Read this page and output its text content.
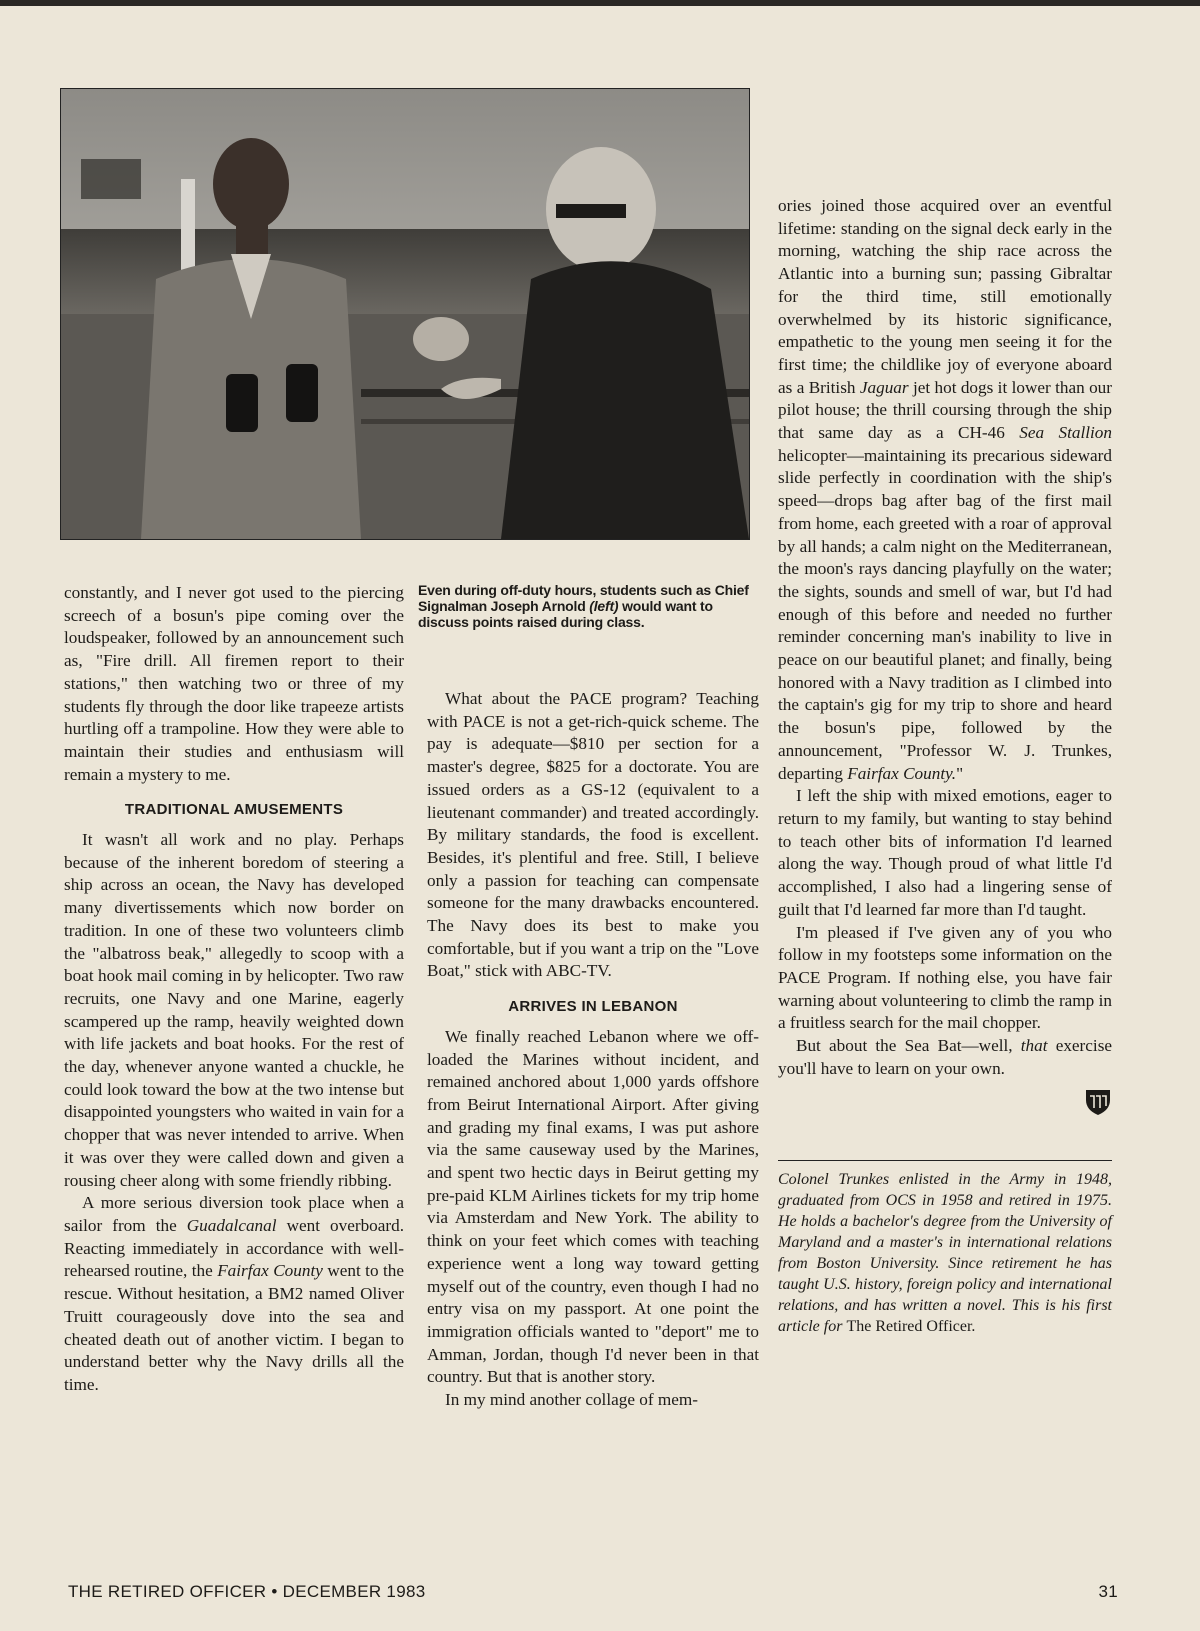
Even during off-duty hours, students such as Chief Signalman Joseph Arnold (left) would want to discuss points raised during class.

constantly, and I never got used to the piercing screech of a bosun's pipe coming over the loudspeaker, followed by an announcement such as, "Fire drill. All firemen report to their stations," then watching two or three of my students fly through the door like trapeeze artists hurtling off a trampoline. How they were able to maintain their studies and enthusiasm will remain a mystery to me.

TRADITIONAL AMUSEMENTS

It wasn't all work and no play. Perhaps because of the inherent boredom of steering a ship across an ocean, the Navy has developed many divertissements which now border on tradition. In one of these two volunteers climb the "albatross beak," allegedly to scoop with a boat hook mail coming in by helicopter. Two raw recruits, one Navy and one Marine, eagerly scampered up the ramp, heavily weighted down with life jackets and boat hooks. For the rest of the day, whenever anyone wanted a chuckle, he could look toward the bow at the two intense but disappointed youngsters who waited in vain for a chopper that was never intended to arrive. When it was over they were called down and given a rousing cheer along with some friendly ribbing.

A more serious diversion took place when a sailor from the Guadalcanal went overboard. Reacting immediately in accordance with well-rehearsed routine, the Fairfax County went to the rescue. Without hesitation, a BM2 named Oliver Truitt courageously dove into the sea and cheated death out of another victim. I began to understand better why the Navy drills all the time.

What about the PACE program? Teaching with PACE is not a get-rich-quick scheme. The pay is adequate—$810 per section for a master's degree, $825 for a doctorate. You are issued orders as a GS-12 (equivalent to a lieutenant commander) and treated accordingly. By military standards, the food is excellent. Besides, it's plentiful and free. Still, I believe only a passion for teaching can compensate someone for the many drawbacks encountered. The Navy does its best to make you comfortable, but if you want a trip on the "Love Boat," stick with ABC-TV.

ARRIVES IN LEBANON

We finally reached Lebanon where we off-loaded the Marines without incident, and remained anchored about 1,000 yards offshore from Beirut International Airport. After giving and grading my final exams, I was put ashore via the same causeway used by the Marines, and spent two hectic days in Beirut getting my pre-paid KLM Airlines tickets for my trip home via Amsterdam and New York. The ability to think on your feet which comes with teaching experience went a long way toward getting myself out of the country, even though I had no entry visa on my passport. At one point the immigration officials wanted to "deport" me to Amman, Jordan, though I'd never been in that country. But that is another story.

In my mind another collage of mem-

ories joined those acquired over an eventful lifetime: standing on the signal deck early in the morning, watching the ship race across the Atlantic into a burning sun; passing Gibraltar for the third time, still emotionally overwhelmed by its historic significance, empathetic to the young men seeing it for the first time; the childlike joy of everyone aboard as a British Jaguar jet hot dogs it lower than our pilot house; the thrill coursing through the ship that same day as a CH-46 Sea Stallion helicopter—maintaining its precarious sideward slide perfectly in coordination with the ship's speed—drops bag after bag of the first mail from home, each greeted with a roar of approval by all hands; a calm night on the Mediterranean, the moon's rays dancing playfully on the water; the sights, sounds and smell of war, but I'd had enough of this before and needed no further reminder concerning man's inability to live in peace on our beautiful planet; and finally, being honored with a Navy tradition as I climbed into the captain's gig for my trip to shore and heard the bosun's pipe, followed by the announcement, "Professor W. J. Trunkes, departing Fairfax County."

I left the ship with mixed emotions, eager to return to my family, but wanting to stay behind to teach other bits of information I'd learned along the way. Though proud of what little I'd accomplished, I also had a lingering sense of guilt that I'd learned far more than I'd taught.

I'm pleased if I've given any of you who follow in my footsteps some information on the PACE Program. If nothing else, you have fair warning about volunteering to climb the ramp in a fruitless search for the mail chopper.

But about the Sea Bat—well, that exercise you'll have to learn on your own.

Colonel Trunkes enlisted in the Army in 1948, graduated from OCS in 1958 and retired in 1975. He holds a bachelor's degree from the University of Maryland and a master's in international relations from Boston University. Since retirement he has taught U.S. history, foreign policy and international relations, and has written a novel. This is his first article for The Retired Officer.
THE RETIRED OFFICER • DECEMBER 1983	31
